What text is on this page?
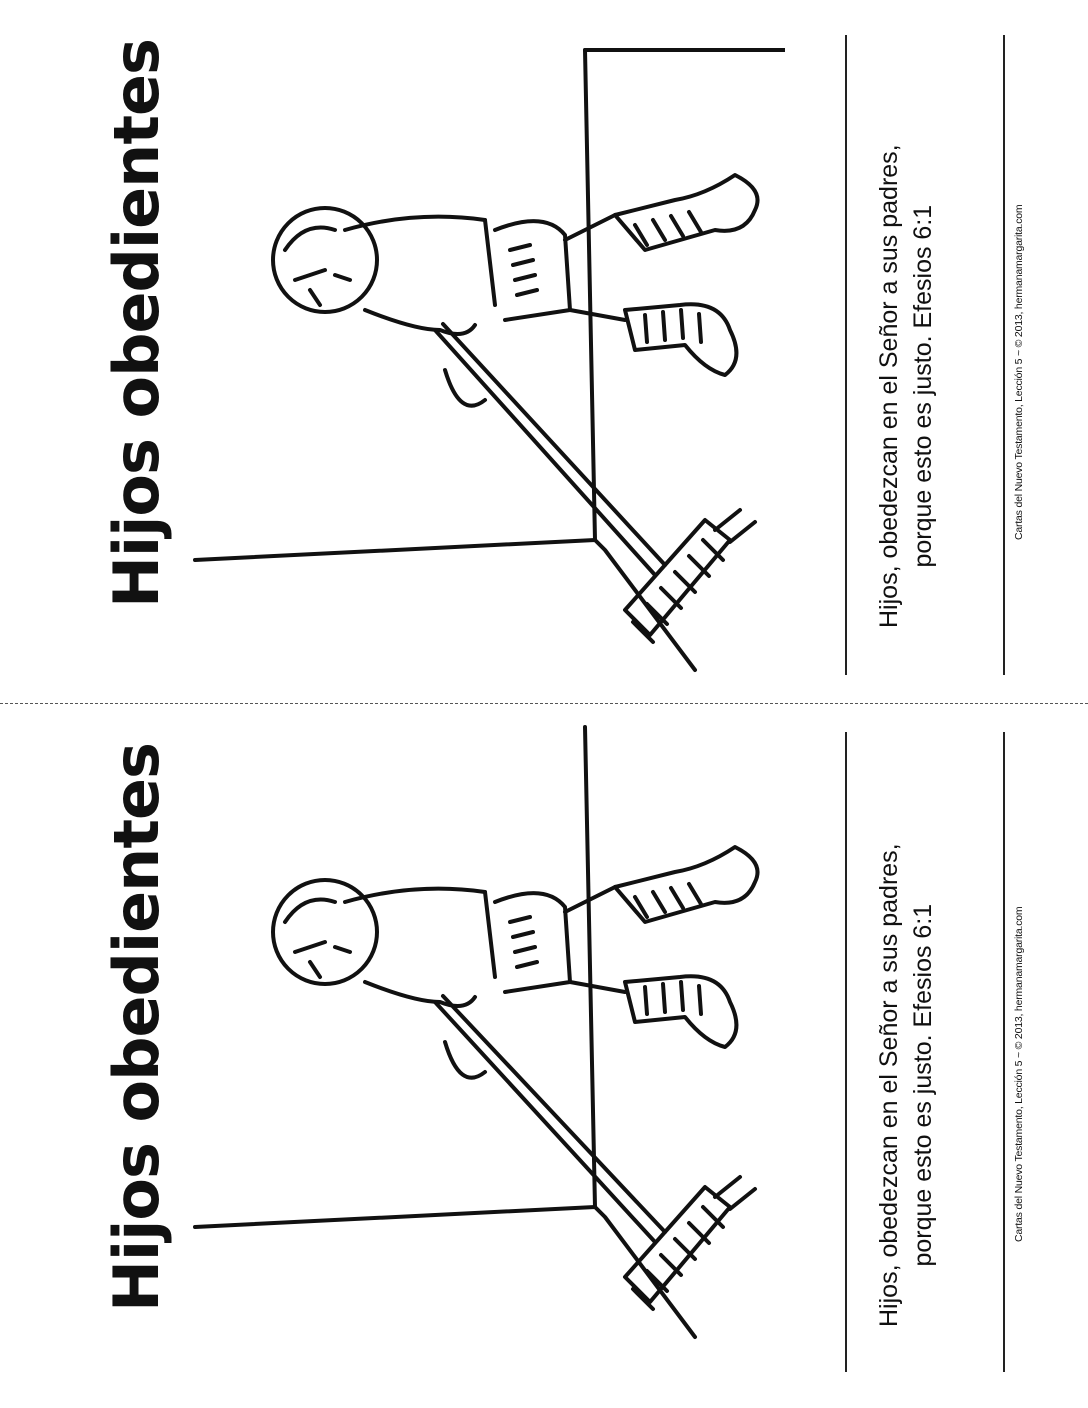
Hijos obedientes	Hijos, obedezcan en el Señor a sus padres, porque esto es justo. Efesios 6:1	Cartas del Nuevo Testamento, Lección 5 ~ © 2013, hermanamargarita.com
Hijos obedientes	Hijos, obedezcan en el Señor a sus padres, porque esto es justo. Efesios 6:1	Cartas del Nuevo Testamento, Lección 5 ~ © 2013, hermanamargarita.com
